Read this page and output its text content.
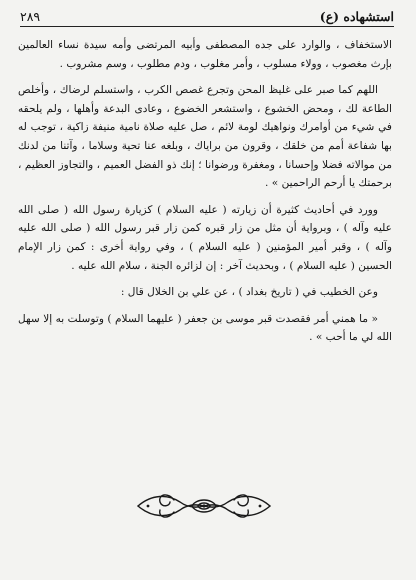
استشهاده (ع)
٢٨٩

الاستخفاف ، والوارد على جده المصطفى وأبيه المرتضى وأمه سيدة نساء العالمين بإرث مغصوب ، وولاء مسلوب ، وأمر مغلوب ، ودم مطلوب ، وسم مشروب .

اللهم كما صبر على غليظ المحن وتجرع غصص الكرب ، واستسلم لرضاك ، وأخلص الطاعة لك ، ومحض الخشوع ، واستشعر الخضوع ، وعادى البدعة وأهلها ، ولم يلحقه في شيء من أوامرك ونواهيك لومة لائم ، صل عليه صلاة نامية منيفة زاكية ، توجب له بها شفاعة أمم من خلقك ، وقرون من براياك ، وبلغه عنا تحية وسلاما ، وآتنا من لدنك من موالاته فضلا وإحسانا ، ومغفرة ورضوانا ؛ إنك ذو الفضل العميم ، والتجاوز العظيم ، برحمتك يا أرحم الراحمين » .

وورد في أحاديث كثيرة أن زيارته ( عليه السلام ) كزيارة رسول الله ( صلى الله عليه وآله ) ، وبرواية أن مثل من زار قبره كمن زار قبر رسول الله ( صلى الله عليه وآله ) ، وقبر أمير المؤمنين ( عليه السلام ) ، وفي رواية أخرى : كمن زار الإمام الحسين ( عليه السلام ) ، وبحديث آخر : إن لزائره الجنة ، سلام الله عليه .

وعن الخطيب في ( تاريخ بغداد ) ، عن علي بن الخلال قال :

« ما همني أمر فقصدت قبر موسى بن جعفر ( عليهما السلام ) وتوسلت به إلا سهل الله لي ما أحب » .
